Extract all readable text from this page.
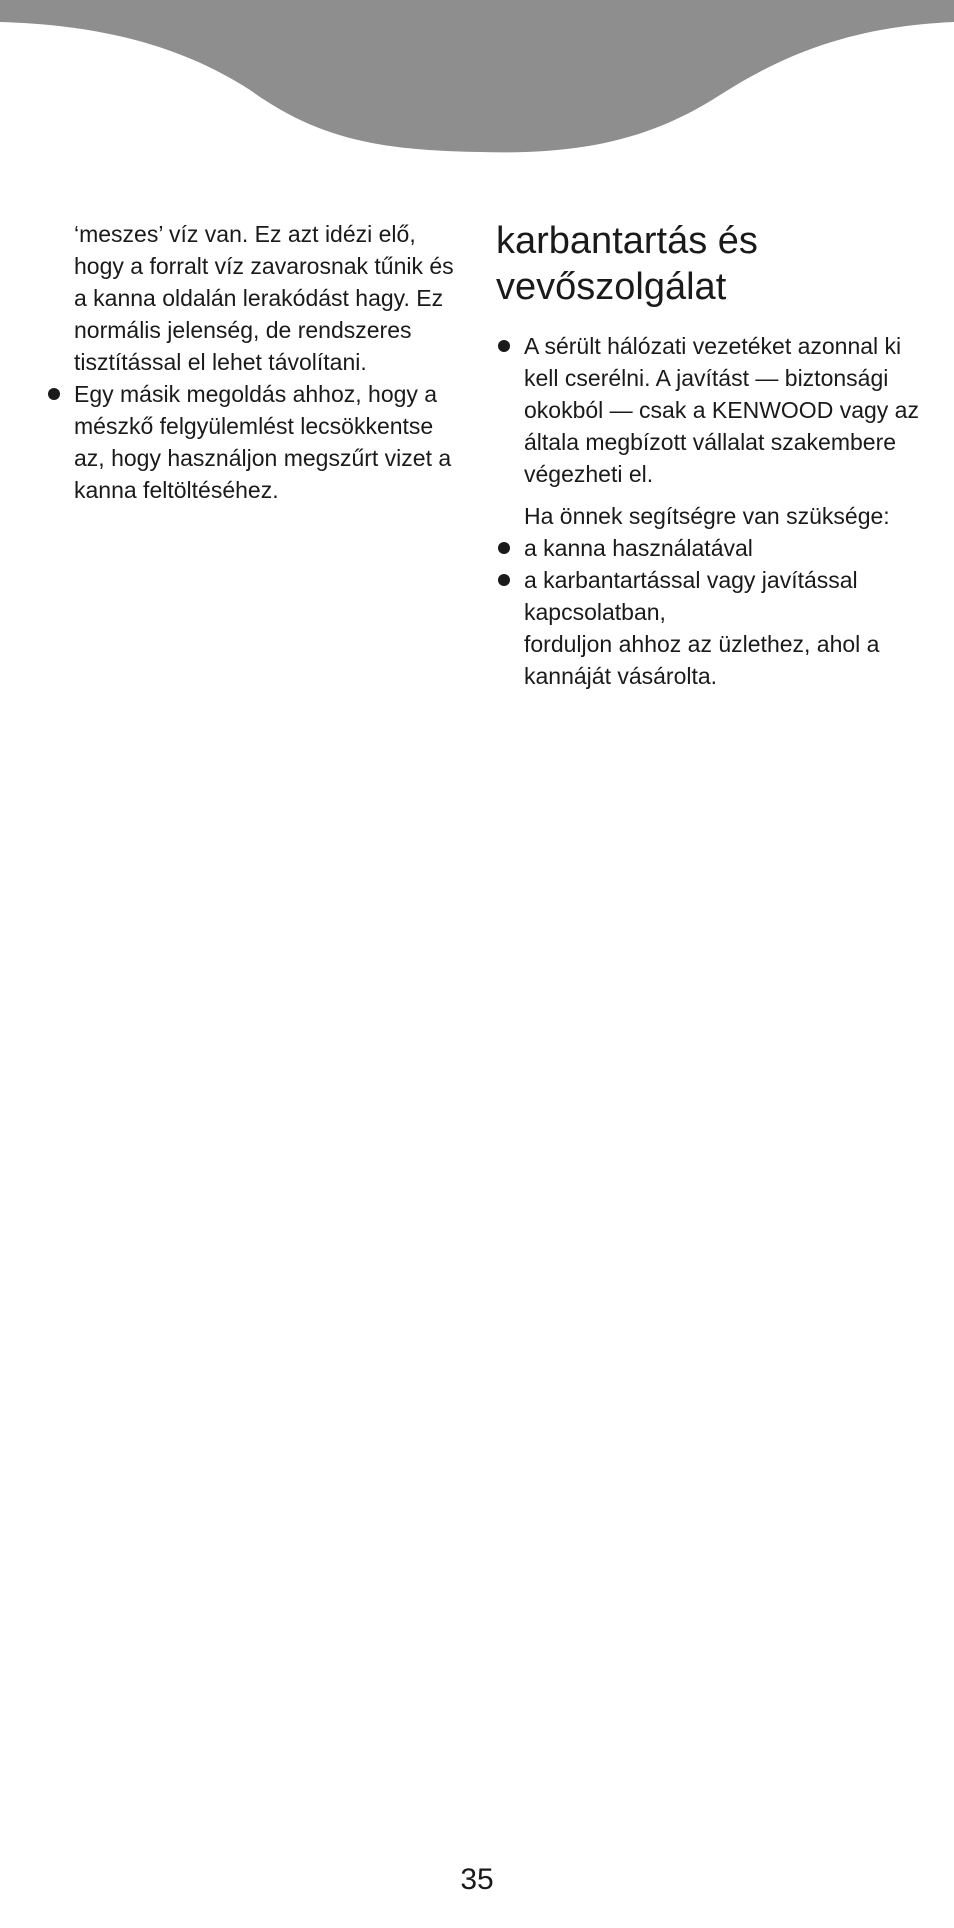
‘meszes’ víz van. Ez azt idézi elő, hogy a forralt víz zavarosnak tűnik és a kanna oldalán lerakódást hagy. Ez normális jelenség, de rendszeres tisztítással el lehet távolítani.

Egy másik megoldás ahhoz, hogy a mészkő felgyülemlést lecsökkentse az, hogy használjon megszűrt vizet a kanna feltöltéséhez.
karbantartás és vevőszolgálat
A sérült hálózati vezetéket azonnal ki kell cserélni. A javítást — biztonsági okokból — csak a KENWOOD vagy az általa megbízott vállalat szakembere végezheti el.

Ha önnek segítségre van szüksége:

a kanna használatával
a karbantartással vagy javítással kapcsolatban,

forduljon ahhoz az üzlethez, ahol a kannáját vásárolta.

35
